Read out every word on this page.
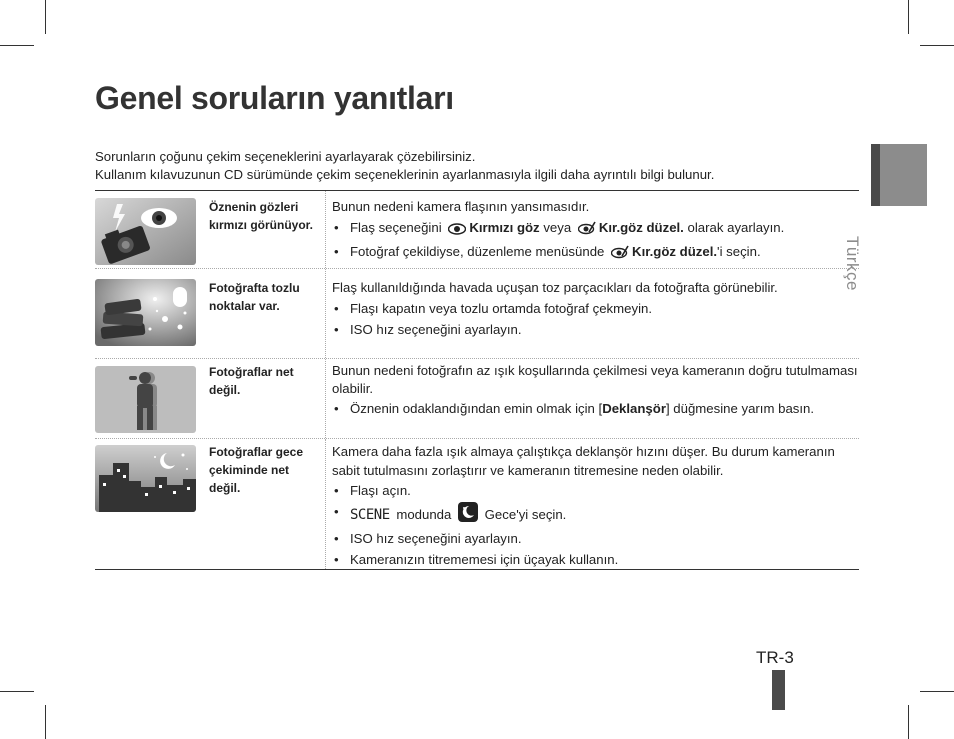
Genel soruların yanıtları
Sorunların çoğunu çekim seçeneklerini ayarlayarak çözebilirsiniz.
Kullanım kılavuzunun CD sürümünde çekim seçeneklerinin ayarlanmasıyla ilgili daha ayrıntılı bilgi bulunur.
Türkçe
Öznenin gözleri kırmızı görünüyor.
Bunun nedeni kamera flaşının yansımasıdır.
• Flaş seçeneğini Kırmızı göz veya Kır.göz düzel. olarak ayarlayın.
• Fotoğraf çekildiyse, düzenleme menüsünde Kır.göz düzel.'i seçin.
Fotoğrafta tozlu noktalar var.
Flaş kullanıldığında havada uçuşan toz parçacıkları da fotoğrafta görünebilir.
• Flaşı kapatın veya tozlu ortamda fotoğraf çekmeyin.
• ISO hız seçeneğini ayarlayın.
Fotoğraflar net değil.
Bunun nedeni fotoğrafın az ışık koşullarında çekilmesi veya kameranın doğru tutulmaması olabilir.
• Öznenin odaklandığından emin olmak için [Deklanşör] düğmesine yarım basın.
Fotoğraflar gece çekiminde net değil.
Kamera daha fazla ışık almaya çalıştıkça deklanşör hızını düşer. Bu durum kameranın sabit tutulmasını zorlaştırır ve kameranın titremesine neden olabilir.
• Flaşı açın.
• SCENE modunda	Gece'yi seçin.
• ISO hız seçeneğini ayarlayın.
• Kameranızın titrememesi için üçayak kullanın.
TR-3
